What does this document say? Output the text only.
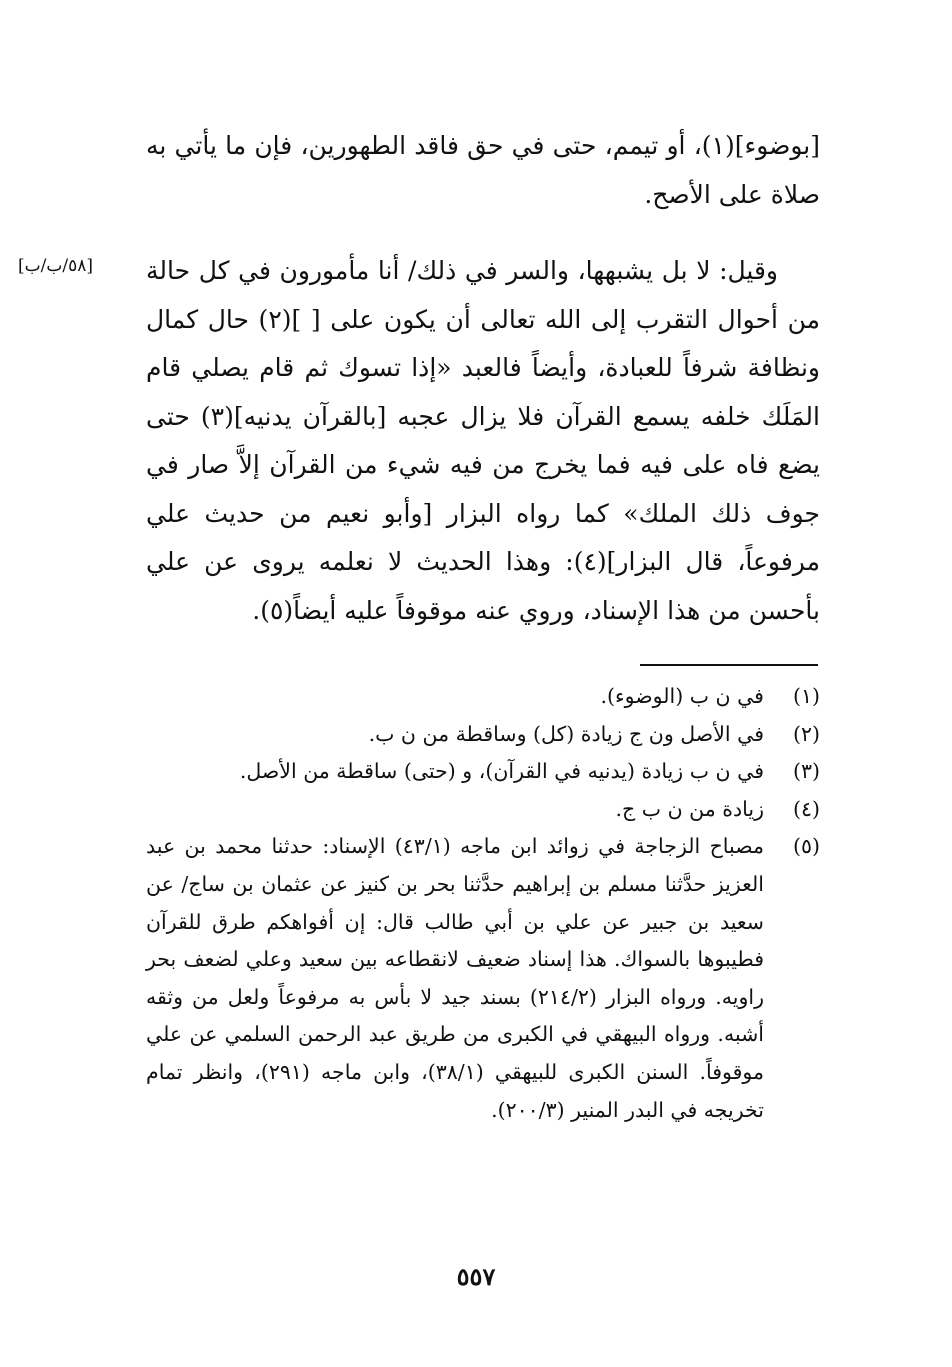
[بوضوء](١)، أو تيمم، حتى في حق فاقد الطهورين، فإن ما يأتي به صلاة على الأصح.

[٥٨/ب/ب]	وقيل: لا بل يشبهها، والسر في ذلك/ أنا مأمورون في كل حالة من أحوال التقرب إلى الله تعالى أن يكون على [ ](٢) حال كمال ونظافة شرفاً للعبادة، وأيضاً فالعبد «إذا تسوك ثم قام يصلي قام المَلَك خلفه يسمع القرآن فلا يزال عجبه [بالقرآن يدنيه](٣) حتى يضع فاه على فيه فما يخرج من فيه شيء من القرآن إلاَّ صار في جوف ذلك الملك» كما رواه البزار [وأبو نعيم من حديث علي مرفوعاً، قال البزار](٤): وهذا الحديث لا نعلمه يروى عن علي بأحسن من هذا الإسناد، وروي عنه موقوفاً عليه أيضاً(٥).

(١)
في ن ب (الوضوء).
(٢)
في الأصل ون ج زيادة (كل) وساقطة من ن ب.
(٣)
في ن ب زيادة (يدنيه في القرآن)، و (حتى) ساقطة من الأصل.
(٤)
زيادة من ن ب ج.
(٥)
مصباح الزجاجة في زوائد ابن ماجه (٤٣/١) الإسناد: حدثنا محمد بن عبد العزيز حدَّثنا مسلم بن إبراهيم حدَّثنا بحر بن كنيز عن عثمان بن ساج/ عن سعيد بن جبير عن علي بن أبي طالب قال: إن أفواهكم طرق للقرآن فطيبوها بالسواك. هذا إسناد ضعيف لانقطاعه بين سعيد وعلي لضعف بحر راويه. ورواه البزار (٢١٤/٢) بسند جيد لا بأس به مرفوعاً ولعل من وثقه أشبه. ورواه البيهقي في الكبرى من طريق عبد الرحمن السلمي عن علي موقوفاً. السنن الكبرى للبيهقي (٣٨/١)، وابن ماجه (٢٩١)، وانظر تمام تخريجه في البدر المنير (٢٠٠/٣).
٥٥٧
